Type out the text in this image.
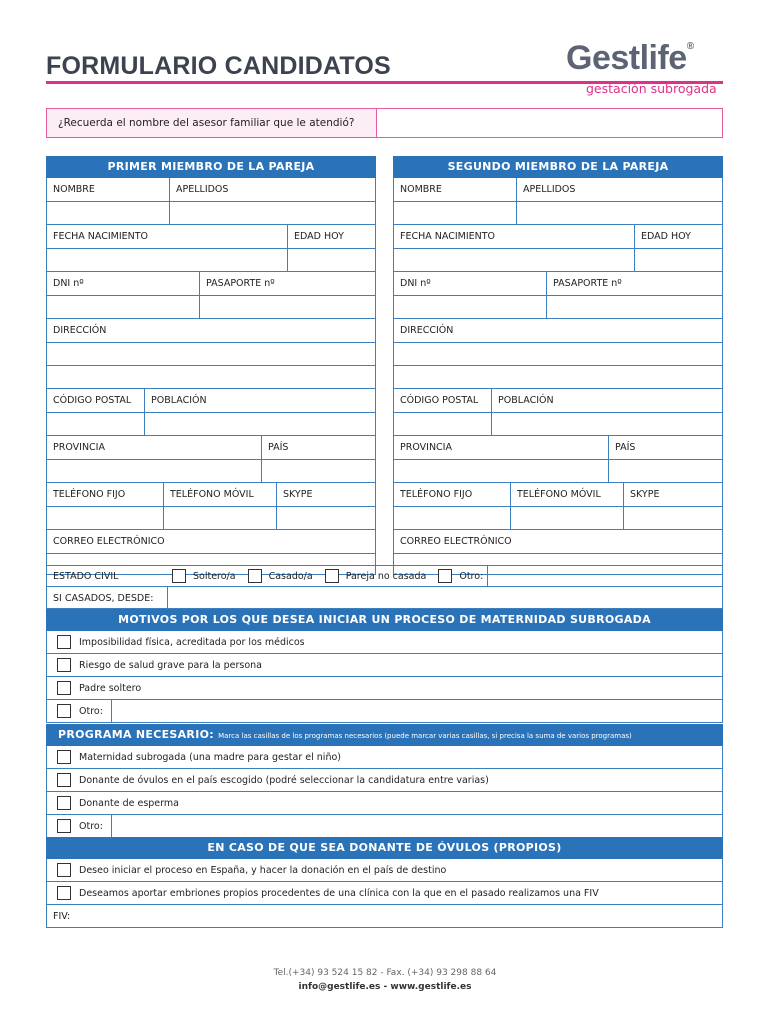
FORMULARIO CANDIDATOS	Gestlife®
gestación subrogada
¿Recuerda el nombre del asesor familiar que le atendió?
PRIMER MIEMBRO DE LA PAREJA
NOMBRE	APELLIDOS
FECHA NACIMIENTO	EDAD HOY
DNI nº	PASAPORTE nº
DIRECCIÓN
CÓDIGO POSTAL	POBLACIÓN
PROVINCIA	PAÍS
TELÉFONO FIJO	TELÉFONO MÓVIL	SKYPE
CORREO ELECTRÓNICO
SEGUNDO MIEMBRO DE LA PAREJA
NOMBRE	APELLIDOS
FECHA NACIMIENTO	EDAD HOY
DNI nº	PASAPORTE nº
DIRECCIÓN
CÓDIGO POSTAL	POBLACIÓN
PROVINCIA	PAÍS
TELÉFONO FIJO	TELÉFONO MÓVIL	SKYPE
CORREO ELECTRÓNICO
ESTADO CIVIL	Soltero/a	Casado/a	Pareja no casada	Otro:
SI CASADOS, DESDE:
MOTIVOS POR LOS QUE DESEA INICIAR UN PROCESO DE MATERNIDAD SUBROGADA
Imposibilidad física, acreditada por los médicos
Riesgo de salud grave para la persona
Padre soltero
Otro:
PROGRAMA NECESARIO: Marca las casillas de los programas necesarios (puede marcar varias casillas, si precisa la suma de varios programas)
Maternidad subrogada (una madre para gestar el niño)
Donante de óvulos en el país escogido (podré seleccionar la candidatura entre varias)
Donante de esperma
Otro:
EN CASO DE QUE SEA DONANTE DE ÓVULOS (PROPIOS)
Deseo iniciar el proceso en España, y hacer la donación en el país de destino
Deseamos aportar embriones propios procedentes de una clínica con la que en el pasado realizamos una FIV
FIV:
Tel.(+34) 93 524 15 82 - Fax. (+34) 93 298 88 64
info@gestlife.es - www.gestlife.es
